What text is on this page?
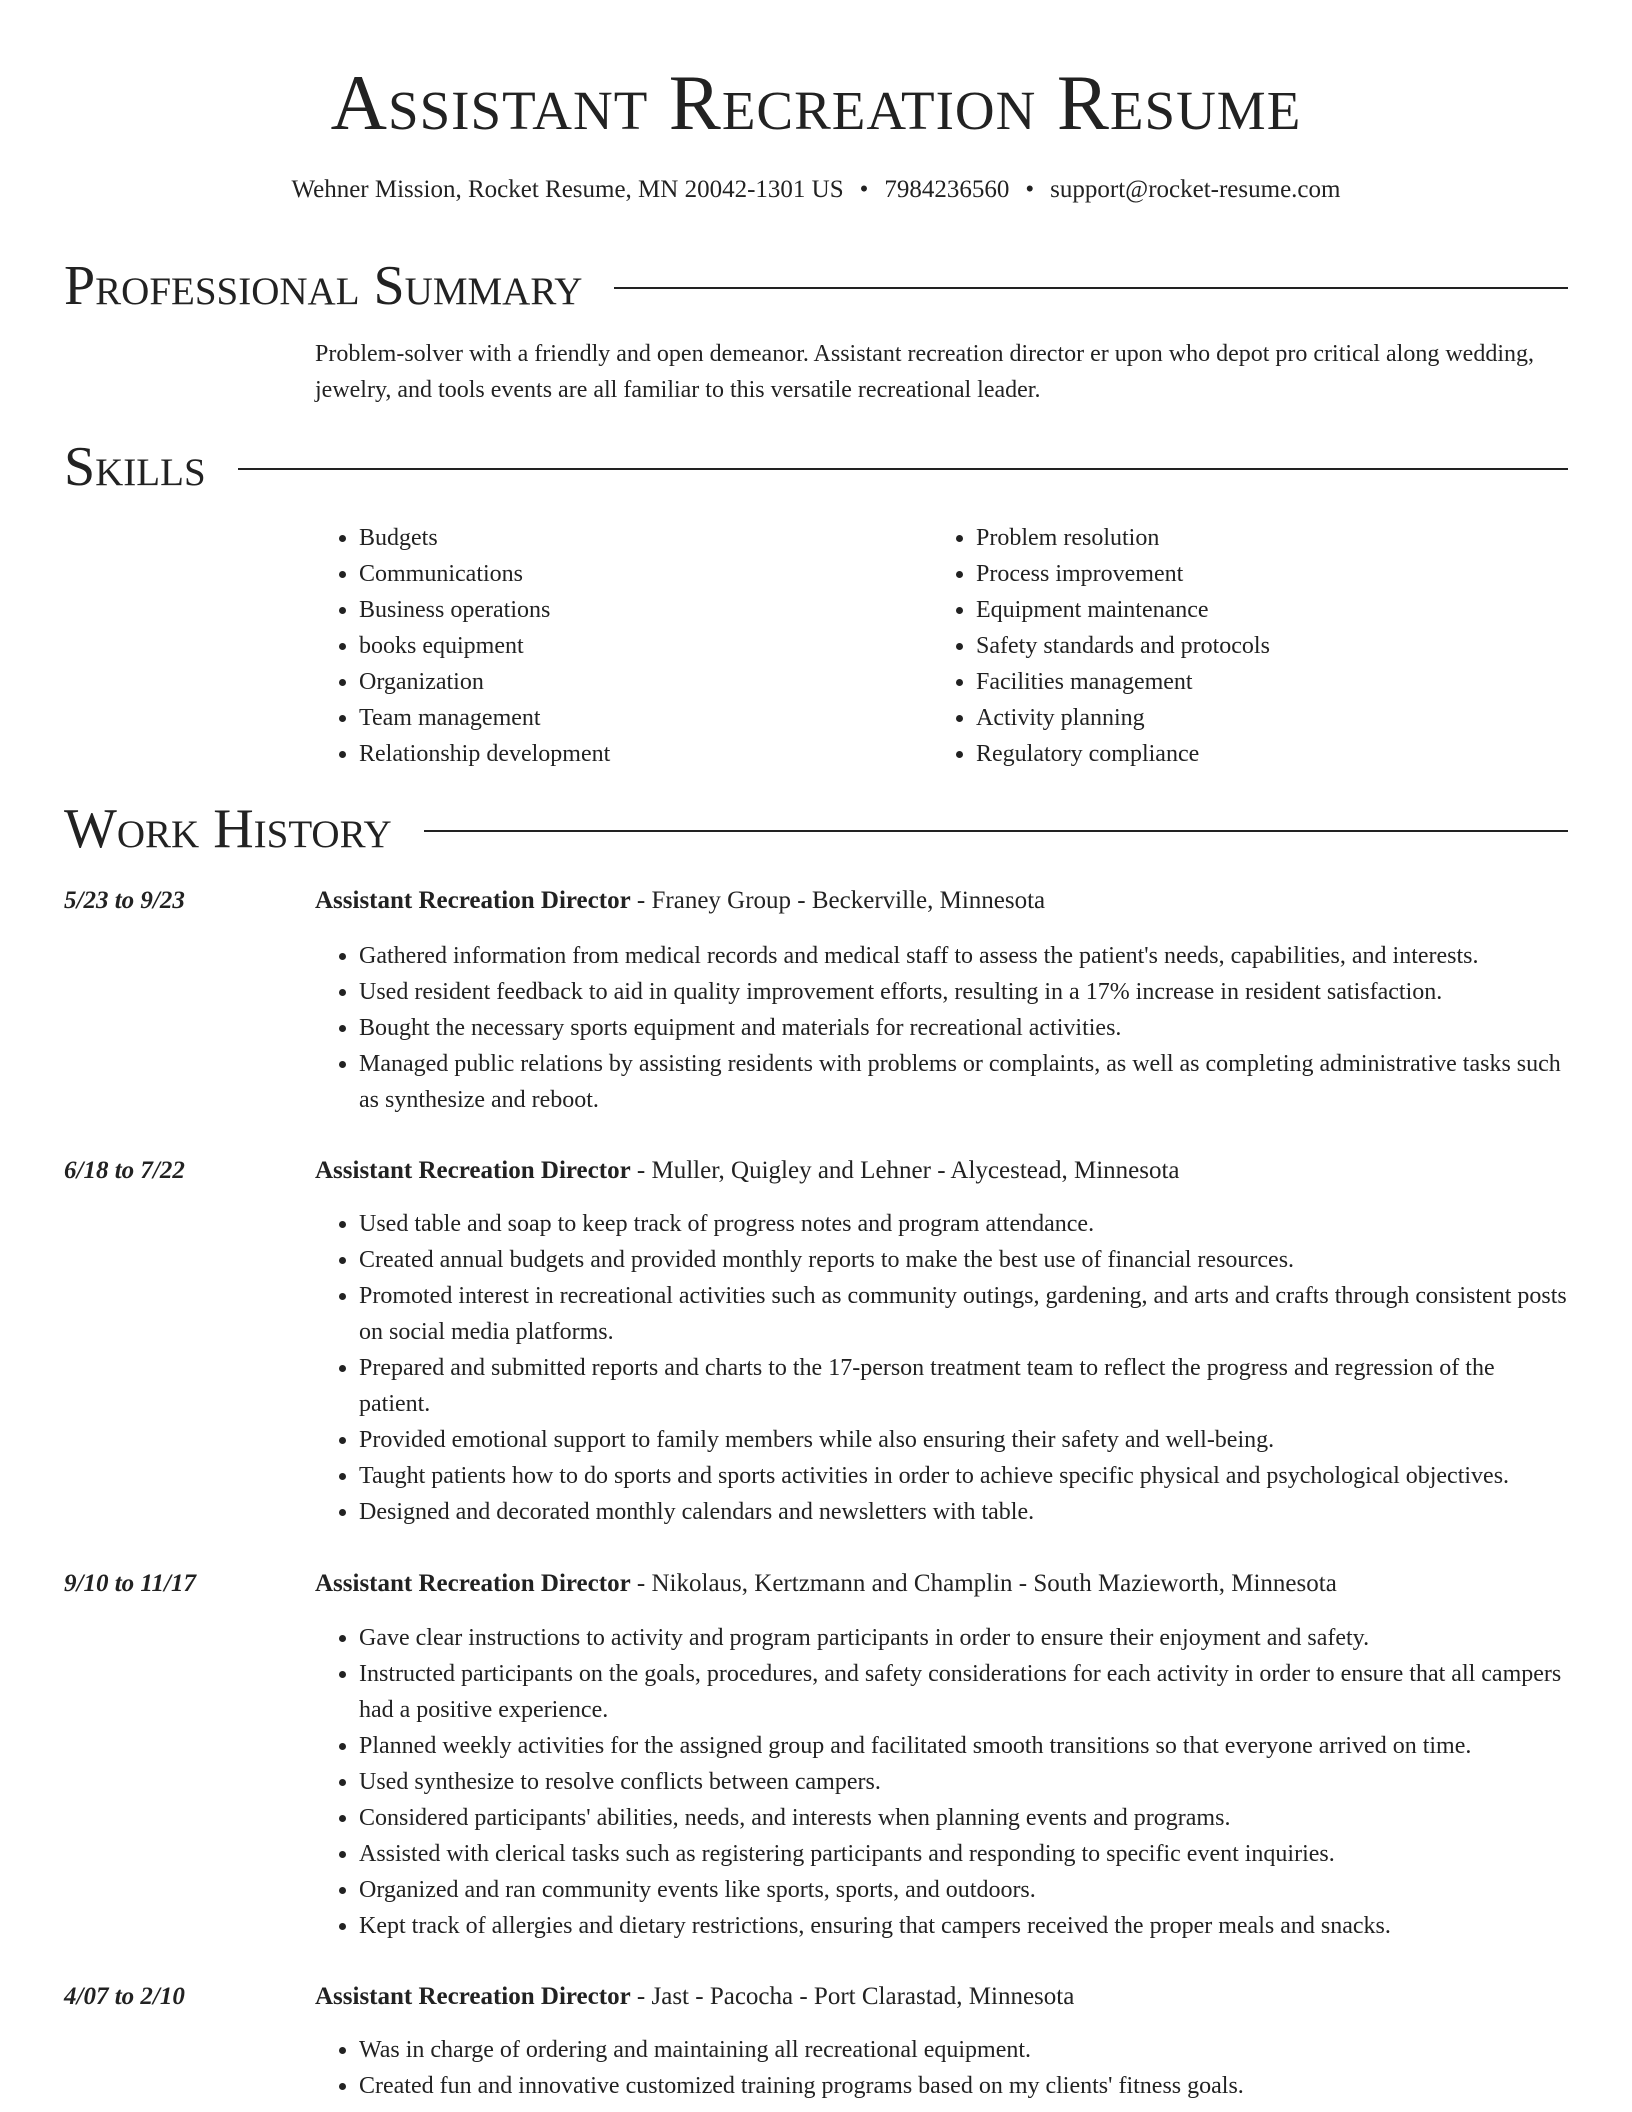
Assistant Recreation Resume
Wehner Mission, Rocket Resume, MN 20042-1301 US • 7984236560 • support@rocket-resume.com
Professional Summary
Problem-solver with a friendly and open demeanor. Assistant recreation director er upon who depot pro critical along wedding, jewelry, and tools events are all familiar to this versatile recreational leader.
Skills
• Budgets
• Communications
• Business operations
• books equipment
• Organization
• Team management
• Relationship development
• Problem resolution
• Process improvement
• Equipment maintenance
• Safety standards and protocols
• Facilities management
• Activity planning
• Regulatory compliance
Work History
5/23 to 9/23	Assistant Recreation Director - Franey Group - Beckerville, Minnesota
• Gathered information from medical records and medical staff to assess the patient's needs, capabilities, and interests.
• Used resident feedback to aid in quality improvement efforts, resulting in a 17% increase in resident satisfaction.
• Bought the necessary sports equipment and materials for recreational activities.
• Managed public relations by assisting residents with problems or complaints, as well as completing administrative tasks such as synthesize and reboot.
6/18 to 7/22	Assistant Recreation Director - Muller, Quigley and Lehner - Alycestead, Minnesota
• Used table and soap to keep track of progress notes and program attendance.
• Created annual budgets and provided monthly reports to make the best use of financial resources.
• Promoted interest in recreational activities such as community outings, gardening, and arts and crafts through consistent posts on social media platforms.
• Prepared and submitted reports and charts to the 17-person treatment team to reflect the progress and regression of the patient.
• Provided emotional support to family members while also ensuring their safety and well-being.
• Taught patients how to do sports and sports activities in order to achieve specific physical and psychological objectives.
• Designed and decorated monthly calendars and newsletters with table.
9/10 to 11/17	Assistant Recreation Director - Nikolaus, Kertzmann and Champlin - South Mazieworth, Minnesota
• Gave clear instructions to activity and program participants in order to ensure their enjoyment and safety.
• Instructed participants on the goals, procedures, and safety considerations for each activity in order to ensure that all campers had a positive experience.
• Planned weekly activities for the assigned group and facilitated smooth transitions so that everyone arrived on time.
• Used synthesize to resolve conflicts between campers.
• Considered participants' abilities, needs, and interests when planning events and programs.
• Assisted with clerical tasks such as registering participants and responding to specific event inquiries.
• Organized and ran community events like sports, sports, and outdoors.
• Kept track of allergies and dietary restrictions, ensuring that campers received the proper meals and snacks.
4/07 to 2/10	Assistant Recreation Director - Jast - Pacocha - Port Clarastad, Minnesota
• Was in charge of ordering and maintaining all recreational equipment.
• Created fun and innovative customized training programs based on my clients' fitness goals.
